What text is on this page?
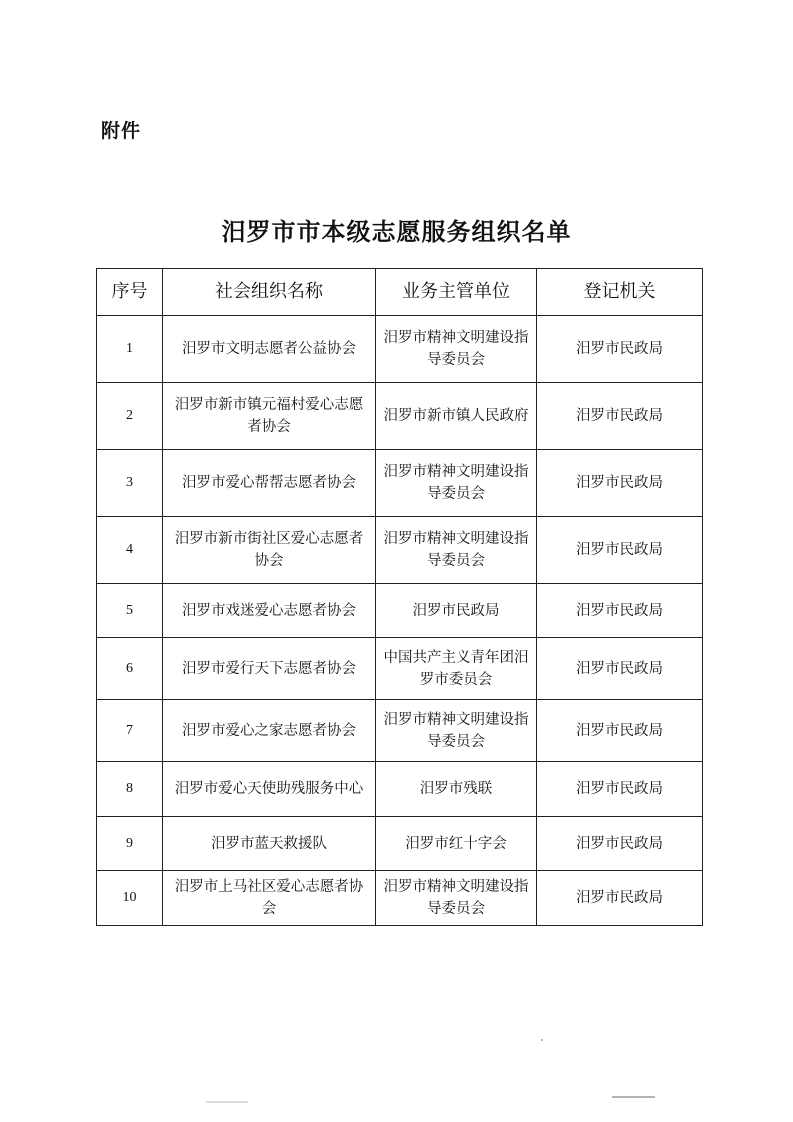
附件
汨罗市市本级志愿服务组织名单
序号	社会组织名称	业务主管单位	登记机关
1	汨罗市文明志愿者公益协会	汨罗市精神文明建设指导委员会	汨罗市民政局
2	汨罗市新市镇元福村爱心志愿者协会	汨罗市新市镇人民政府	汨罗市民政局
3	汨罗市爱心帮帮志愿者协会	汨罗市精神文明建设指导委员会	汨罗市民政局
4	汨罗市新市街社区爱心志愿者协会	汨罗市精神文明建设指导委员会	汨罗市民政局
5	汨罗市戏迷爱心志愿者协会	汨罗市民政局	汨罗市民政局
6	汨罗市爱行天下志愿者协会	中国共产主义青年团汨罗市委员会	汨罗市民政局
7	汨罗市爱心之家志愿者协会	汨罗市精神文明建设指导委员会	汨罗市民政局
8	汨罗市爱心天使助残服务中心	汨罗市残联	汨罗市民政局
9	汨罗市蓝天救援队	汨罗市红十字会	汨罗市民政局
10	汨罗市上马社区爱心志愿者协会	汨罗市精神文明建设指导委员会	汨罗市民政局
